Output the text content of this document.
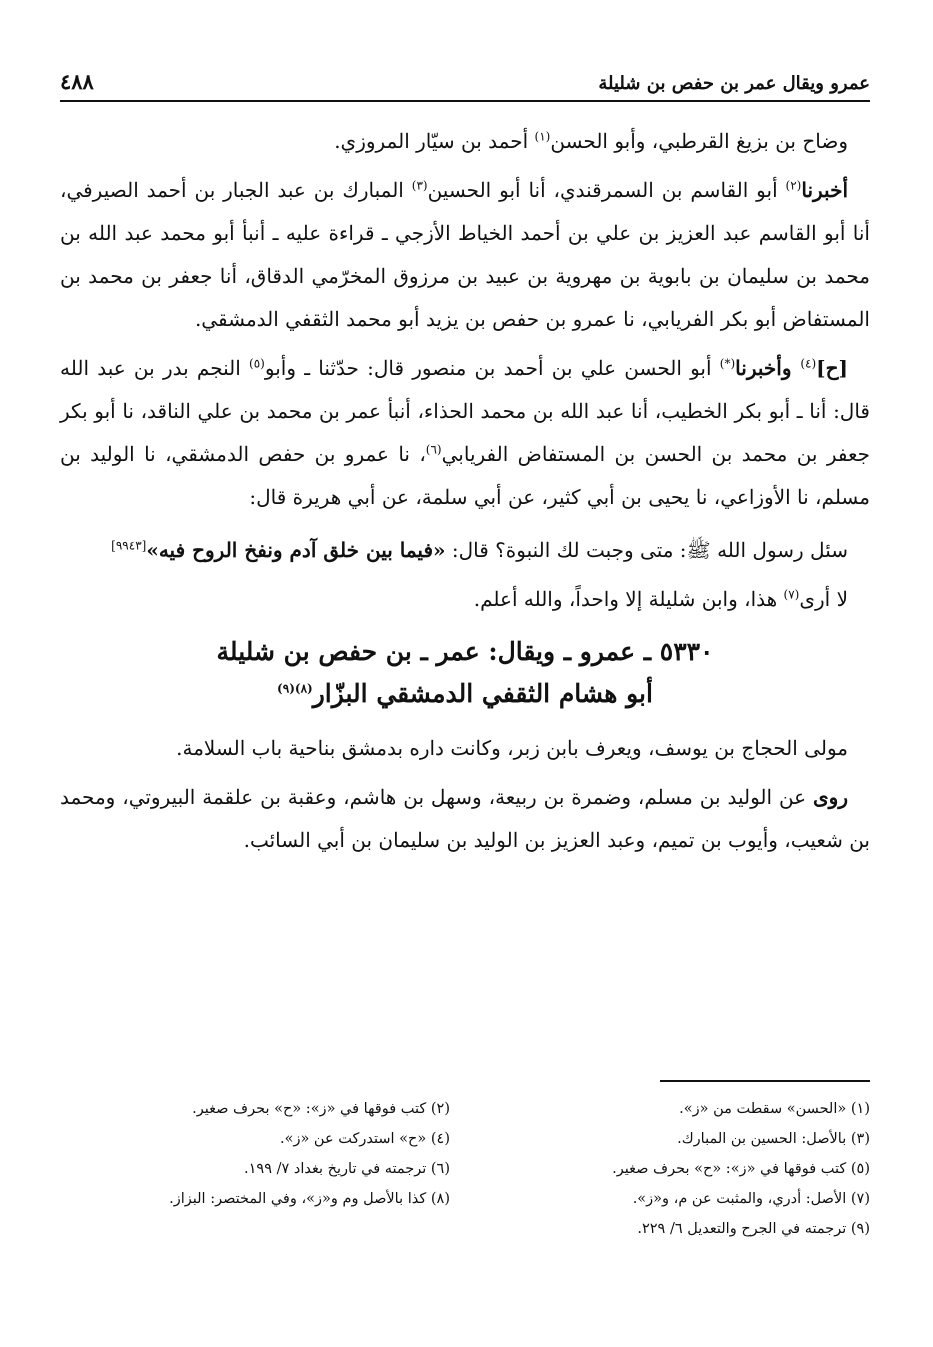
عمرو ويقال عمر بن حفص بن شليلة
٤٨٨

وضاح بن بزيغ القرطبي، وأبو الحسن$^{(١)}$ أحمد بن سيّار المروزي.

أخبرنا$^{(٢)}$ أبو القاسم بن السمرقندي، أنا أبو الحسين$^{(٣)}$ المبارك بن عبد الجبار بن أحمد الصيرفي، أنا أبو القاسم عبد العزيز بن علي بن أحمد الخياط الأزجي ـ قراءة عليه ـ أنبأ أبو محمد عبد الله بن محمد بن سليمان بن بابوية بن مهروية بن عبيد بن مرزوق المخرّمي الدقاق، أنا جعفر بن محمد بن المستفاض أبو بكر الفريابي، نا عمرو بن حفص بن يزيد أبو محمد الثقفي الدمشقي.

[ح]$^{(٤)}$ وأخبرنا(*) أبو الحسن علي بن أحمد بن منصور قال: حدّثنا ـ وأبو$^{(٥)}$ النجم بدر بن عبد الله قال: أنا ـ أبو بكر الخطيب، أنا عبد الله بن محمد الحذاء، أنبأ عمر بن محمد بن علي الناقد، نا أبو بكر جعفر بن محمد بن الحسن بن المستفاض الفريابي$^{(٦)}$، نا عمرو بن حفص الدمشقي، نا الوليد بن مسلم، نا الأوزاعي، نا يحيى بن أبي كثير، عن أبي سلمة، عن أبي هريرة قال:

سئل رسول الله ﷺ: متى وجبت لك النبوة؟ قال: «فيما بين خلق آدم ونفخ الروح فيه»[٩٩٤٣]

لا أرى$^{(٧)}$ هذا، وابن شليلة إلا واحداً، والله أعلم.

٥٣٣٠ ـ عمرو ـ ويقال: عمر ـ بن حفص بن شليلة
أبو هشام الثقفي الدمشقي البزّار$^{(٨)(٩)}$

مولى الحجاج بن يوسف، ويعرف بابن زبر، وكانت داره بدمشق بناحية باب السلامة.

روى عن الوليد بن مسلم، وضمرة بن ربيعة، وسهل بن هاشم، وعقبة بن علقمة البيروتي، ومحمد بن شعيب، وأيوب بن تميم، وعبد العزيز بن الوليد بن سليمان بن أبي السائب.

(١) «الحسن» سقطت من «ز».
(٢) كتب فوقها في «ز»: «ح» بحرف صغير.
(٣) بالأصل: الحسين بن المبارك.
(٤) «ح» استدركت عن «ز».
(٥) كتب فوقها في «ز»: «ح» بحرف صغير.
(٦) ترجمته في تاريخ بغداد ٧/ ١٩٩.
(٧) الأصل: أدري، والمثبت عن م، و«ز».
(٨) كذا بالأصل وم و«ز»، وفي المختصر: البزاز.
(٩) ترجمته في الجرح والتعديل ٦/ ٢٢٩.
